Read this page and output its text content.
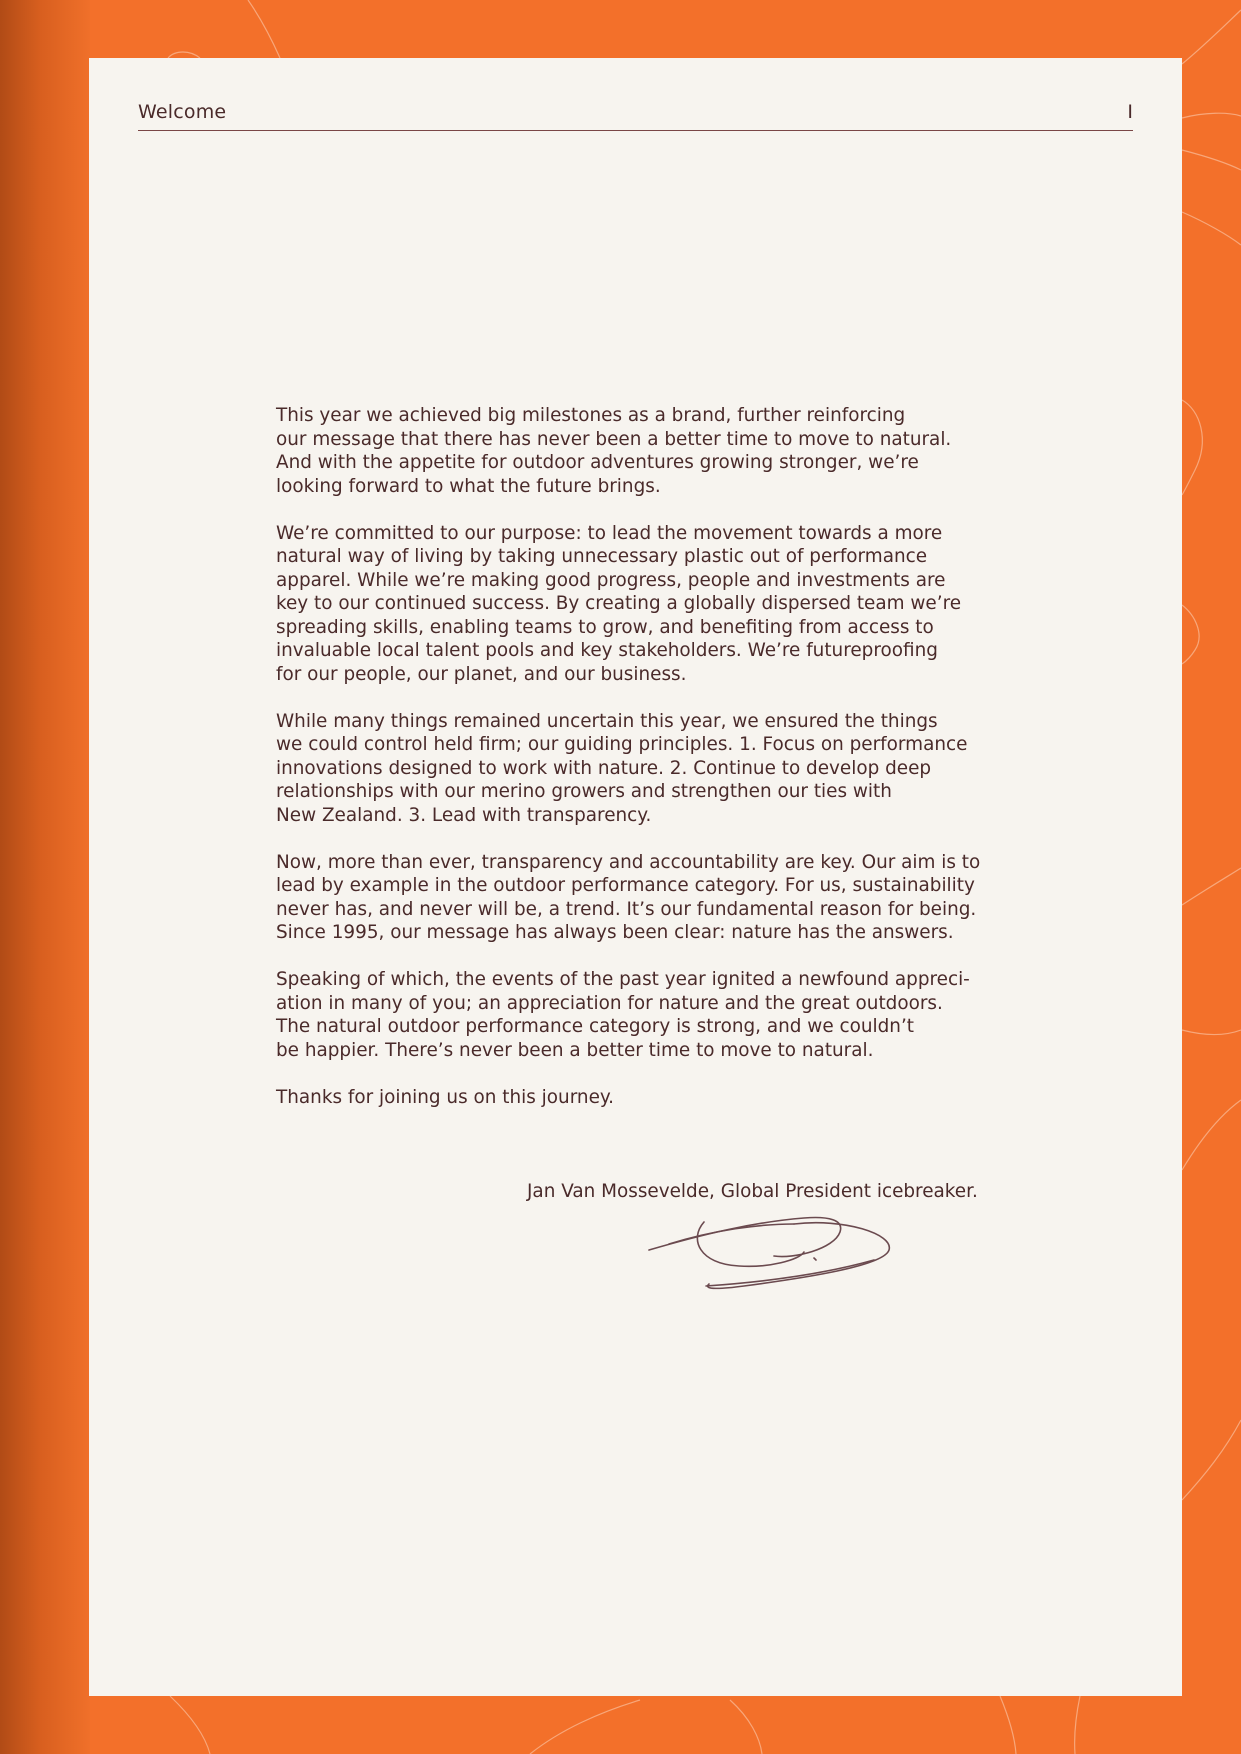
Welcome	I

This year we achieved big milestones as a brand, further reinforcing
our message that there has never been a better time to move to natural.
And with the appetite for outdoor adventures growing stronger, we’re
looking forward to what the future brings.

We’re committed to our purpose: to lead the movement towards a more
natural way of living by taking unnecessary plastic out of performance
apparel. While we’re making good progress, people and investments are
key to our continued success. By creating a globally dispersed team we’re
spreading skills, enabling teams to grow, and benefiting from access to
invaluable local talent pools and key stakeholders. We’re futureproofing
for our people, our planet, and our business.

While many things remained uncertain this year, we ensured the things
we could control held firm; our guiding principles. 1. Focus on performance
innovations designed to work with nature. 2. Continue to develop deep
relationships with our merino growers and strengthen our ties with
New Zealand. 3. Lead with transparency.

Now, more than ever, transparency and accountability are key. Our aim is to
lead by example in the outdoor performance category. For us, sustainability
never has, and never will be, a trend. It’s our fundamental reason for being.
Since 1995, our message has always been clear: nature has the answers.

Speaking of which, the events of the past year ignited a newfound appreci-
ation in many of you; an appreciation for nature and the great outdoors.
The natural outdoor performance category is strong, and we couldn’t
be happier. There’s never been a better time to move to natural.

Thanks for joining us on this journey.

Jan Van Mossevelde, Global President icebreaker.
